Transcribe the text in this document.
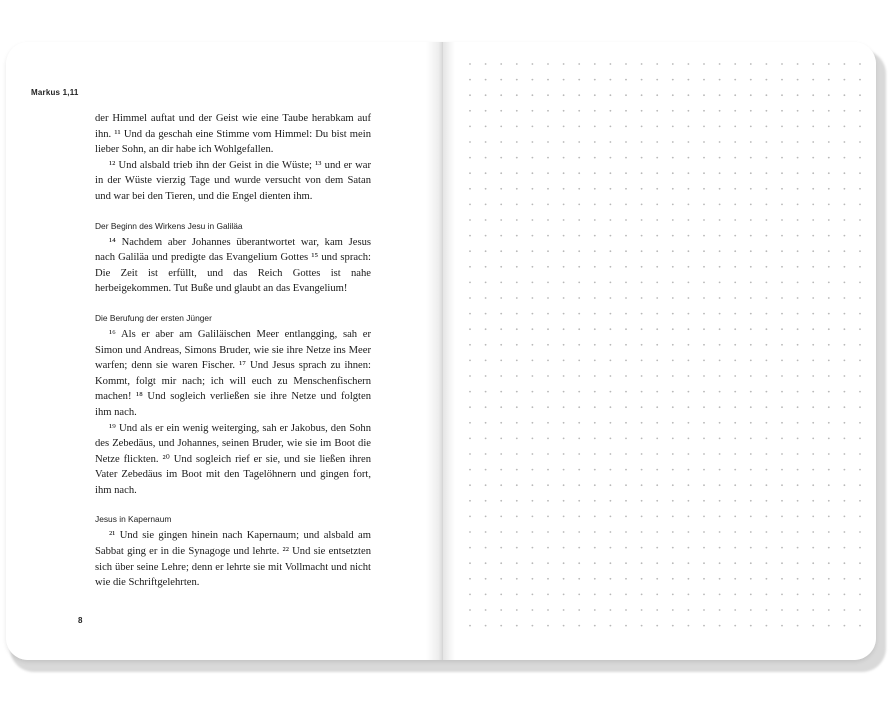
Markus 1,11

der Himmel auftat und der Geist wie eine Taube herabkam auf ihn. ¹¹ Und da geschah eine Stimme vom Himmel: Du bist mein lieber Sohn, an dir habe ich Wohlgefallen.

¹² Und alsbald trieb ihn der Geist in die Wüste; ¹³ und er war in der Wüste vierzig Tage und wurde versucht von dem Satan und war bei den Tieren, und die Engel dienten ihm.

Der Beginn des Wirkens Jesu in Galiläa

¹⁴ Nachdem aber Johannes überantwortet war, kam Jesus nach Galiläa und predigte das Evangelium Gottes ¹⁵ und sprach: Die Zeit ist erfüllt, und das Reich Gottes ist nahe herbeigekommen. Tut Buße und glaubt an das Evangelium!

Die Berufung der ersten Jünger

¹⁶ Als er aber am Galiläischen Meer entlangging, sah er Simon und Andreas, Simons Bruder, wie sie ihre Netze ins Meer warfen; denn sie waren Fischer. ¹⁷ Und Jesus sprach zu ihnen: Kommt, folgt mir nach; ich will euch zu Menschenfischern machen! ¹⁸ Und sogleich verließen sie ihre Netze und folgten ihm nach.

¹⁹ Und als er ein wenig weiterging, sah er Jakobus, den Sohn des Zebedäus, und Johannes, seinen Bruder, wie sie im Boot die Netze flickten. ²⁰ Und sogleich rief er sie, und sie ließen ihren Vater Zebedäus im Boot mit den Tagelöhnern und gingen fort, ihm nach.

Jesus in Kapernaum

²¹ Und sie gingen hinein nach Kapernaum; und alsbald am Sabbat ging er in die Synagoge und lehrte. ²² Und sie entsetzten sich über seine Lehre; denn er lehrte sie mit Vollmacht und nicht wie die Schriftgelehrten.

8
